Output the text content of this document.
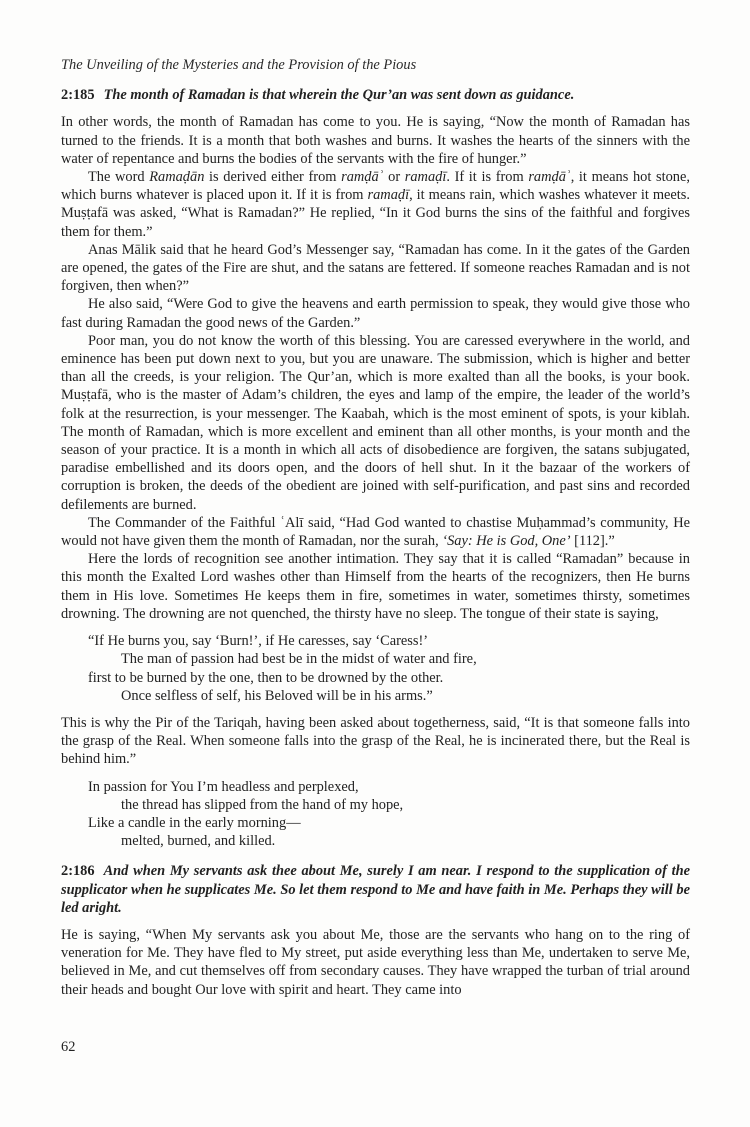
The Unveiling of the Mysteries and the Provision of the Pious

2:185 The month of Ramadan is that wherein the Qur’an was sent down as guidance.

In other words, the month of Ramadan has come to you. He is saying, “Now the month of Ramadan has turned to the friends. It is a month that both washes and burns. It washes the hearts of the sinners with the water of repentance and burns the bodies of the servants with the fire of hunger.”

The word Ramaḍān is derived either from ramḍāʾ or ramaḍī. If it is from ramḍāʾ, it means hot stone, which burns whatever is placed upon it. If it is from ramaḍī, it means rain, which washes whatever it meets. Muṣṭafā was asked, “What is Ramadan?” He replied, “In it God burns the sins of the faithful and forgives them for them.”

Anas Mālik said that he heard God’s Messenger say, “Ramadan has come. In it the gates of the Garden are opened, the gates of the Fire are shut, and the satans are fettered. If someone reaches Ramadan and is not forgiven, then when?”

He also said, “Were God to give the heavens and earth permission to speak, they would give those who fast during Ramadan the good news of the Garden.”

Poor man, you do not know the worth of this blessing. You are caressed everywhere in the world, and eminence has been put down next to you, but you are unaware. The submission, which is higher and better than all the creeds, is your religion. The Qur’an, which is more exalted than all the books, is your book. Muṣṭafā, who is the master of Adam’s children, the eyes and lamp of the empire, the leader of the world’s folk at the resurrection, is your messenger. The Kaabah, which is the most eminent of spots, is your kiblah. The month of Ramadan, which is more excellent and eminent than all other months, is your month and the season of your practice. It is a month in which all acts of disobedience are forgiven, the satans subjugated, paradise embellished and its doors open, and the doors of hell shut. In it the bazaar of the workers of corruption is broken, the deeds of the obedient are joined with self-purification, and past sins and recorded defilements are burned.

The Commander of the Faithful ʿAlī said, “Had God wanted to chastise Muḥammad’s community, He would not have given them the month of Ramadan, nor the surah, ‘Say: He is God, One’ [112].”

Here the lords of recognition see another intimation. They say that it is called “Ramadan” because in this month the Exalted Lord washes other than Himself from the hearts of the recognizers, then He burns them in His love. Sometimes He keeps them in fire, sometimes in water, sometimes thirsty, sometimes drowning. The drowning are not quenched, the thirsty have no sleep. The tongue of their state is saying,

“If He burns you, say ‘Burn!’, if He caresses, say ‘Caress!’
The man of passion had best be in the midst of water and fire,
first to be burned by the one, then to be drowned by the other.
Once selfless of self, his Beloved will be in his arms.”

This is why the Pir of the Tariqah, having been asked about togetherness, said, “It is that someone falls into the grasp of the Real. When someone falls into the grasp of the Real, he is incinerated there, but the Real is behind him.”

In passion for You I’m headless and perplexed,
the thread has slipped from the hand of my hope,
Like a candle in the early morning—
melted, burned, and killed.

2:186 And when My servants ask thee about Me, surely I am near. I respond to the supplication of the supplicator when he supplicates Me. So let them respond to Me and have faith in Me. Perhaps they will be led aright.

He is saying, “When My servants ask you about Me, those are the servants who hang on to the ring of veneration for Me. They have fled to My street, put aside everything less than Me, undertaken to serve Me, believed in Me, and cut themselves off from secondary causes. They have wrapped the turban of trial around their heads and bought Our love with spirit and heart. They came into

62
